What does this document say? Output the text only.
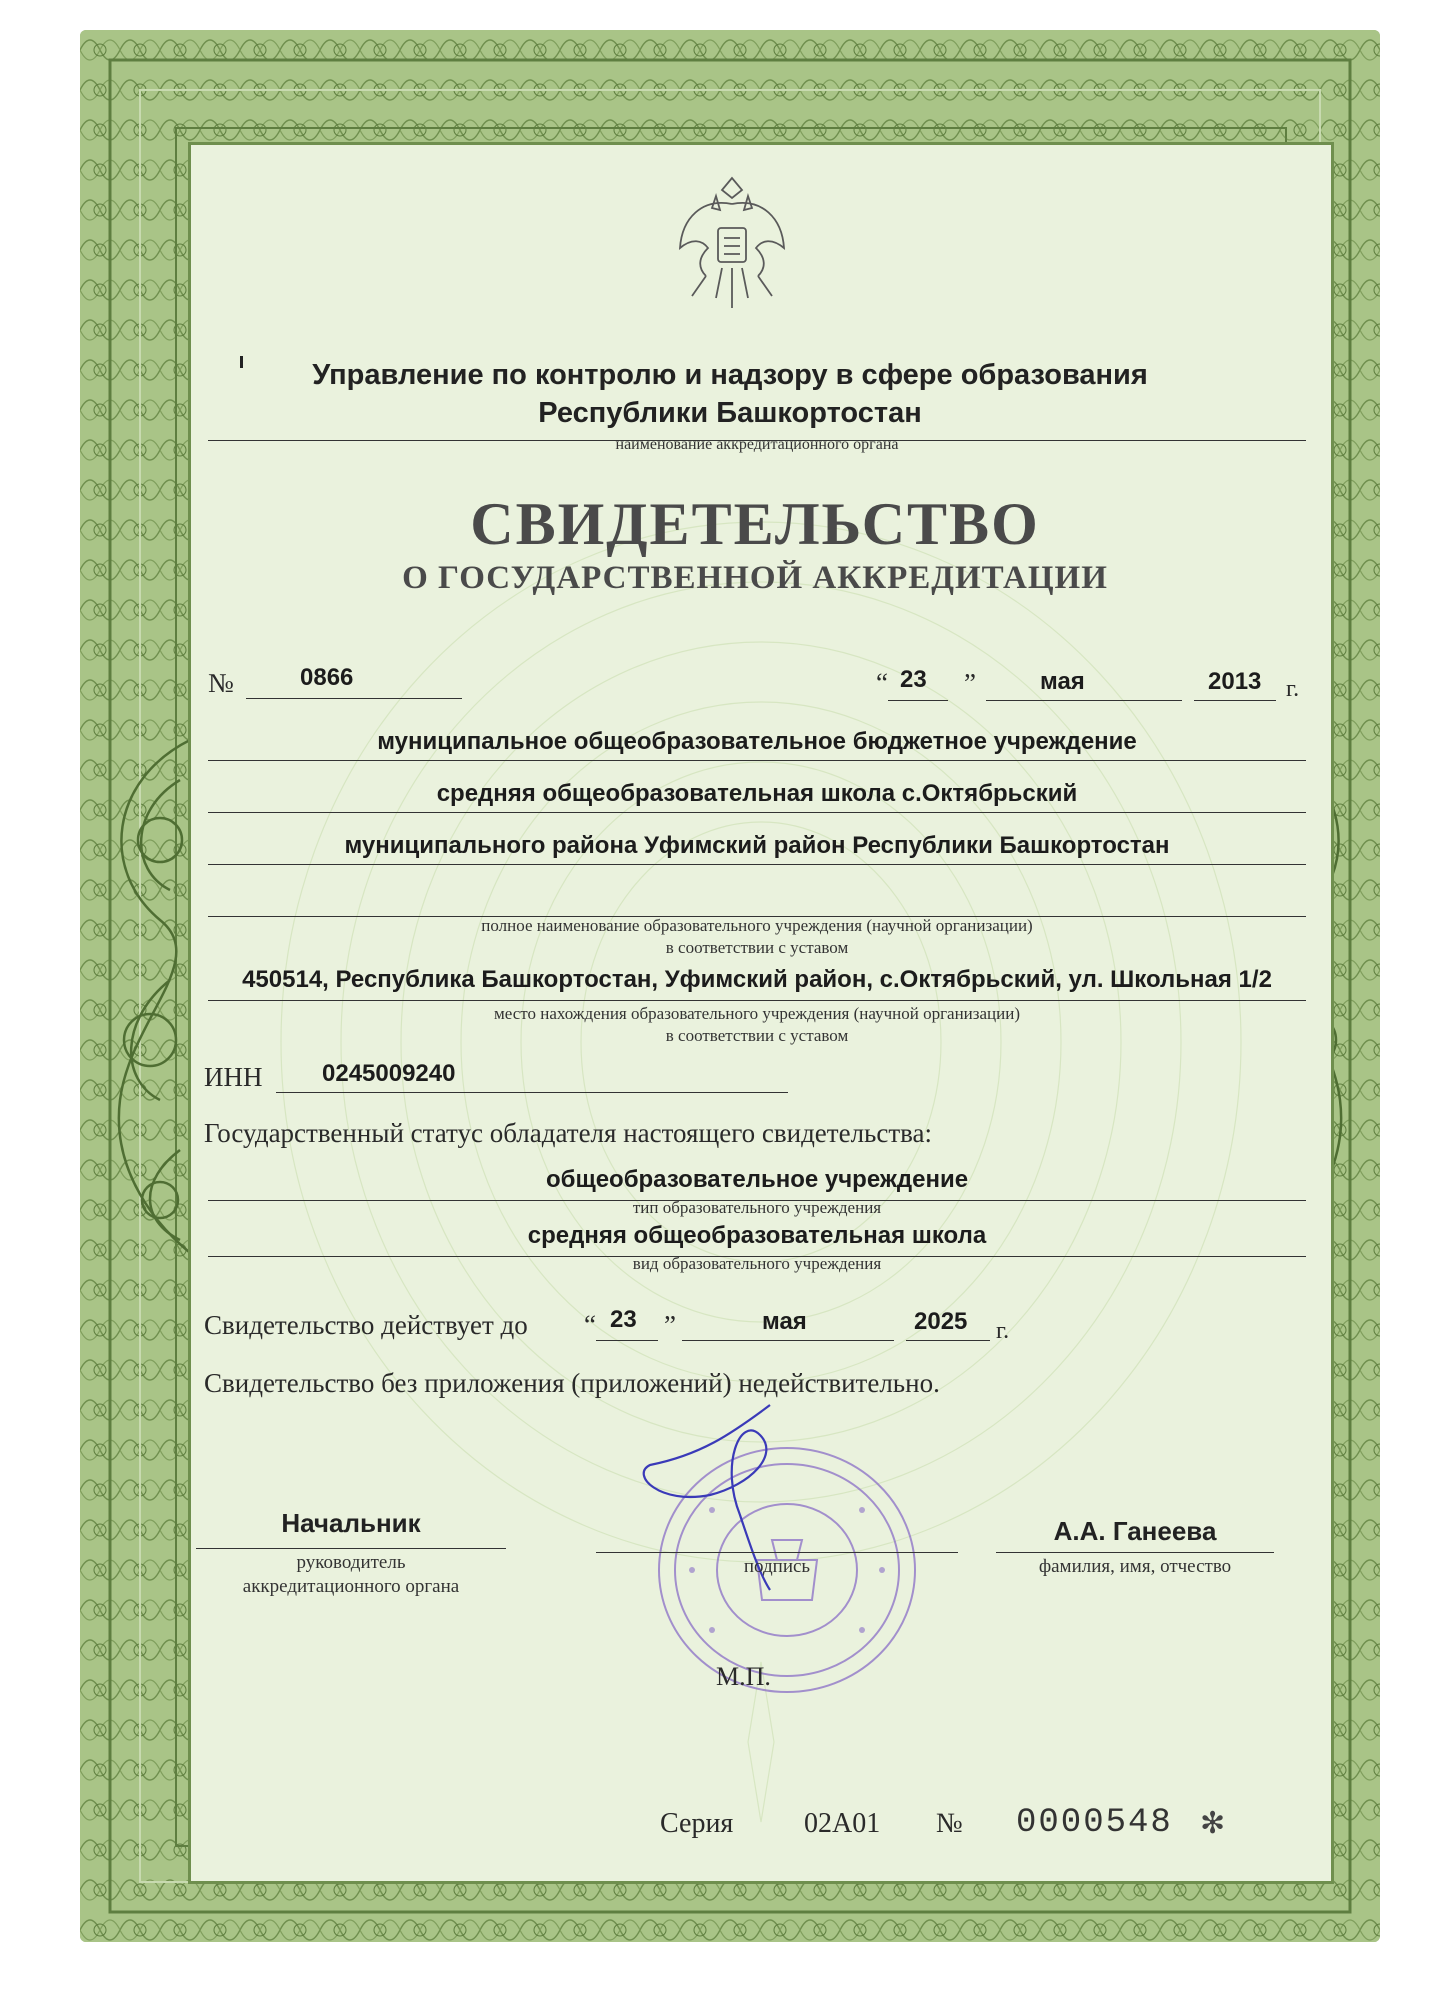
Управление по контролю и надзору в сфере образования
Республики Башкортостан
наименование аккредитационного органа
СВИДЕТЕЛЬСТВО
О ГОСУДАРСТВЕННОЙ АККРЕДИТАЦИИ
№	0866	“ 23 ”	мая	2013 г.
муниципальное общеобразовательное бюджетное учреждение
средняя общеобразовательная школа с.Октябрьский
муниципального района Уфимский район Республики Башкортостан
полное наименование образовательного учреждения (научной организации)
в соответствии с уставом
450514, Республика Башкортостан, Уфимский район, с.Октябрьский, ул. Школьная 1/2
место нахождения образовательного учреждения (научной организации)
в соответствии с уставом
ИНН 0245009240
Государственный статус обладателя настоящего свидетельства:
общеобразовательное учреждение
тип образовательного учреждения
средняя общеобразовательная школа
вид образовательного учреждения
Свидетельство действует до “ 23 ”	мая	2025 г.
Свидетельство без приложения (приложений) недействительно.
Начальник
руководитель
аккредитационного органа
подпись
А.А. Ганеева
фамилия, имя, отчество
М.П.
Серия	02А01 № 0000548 ✻
